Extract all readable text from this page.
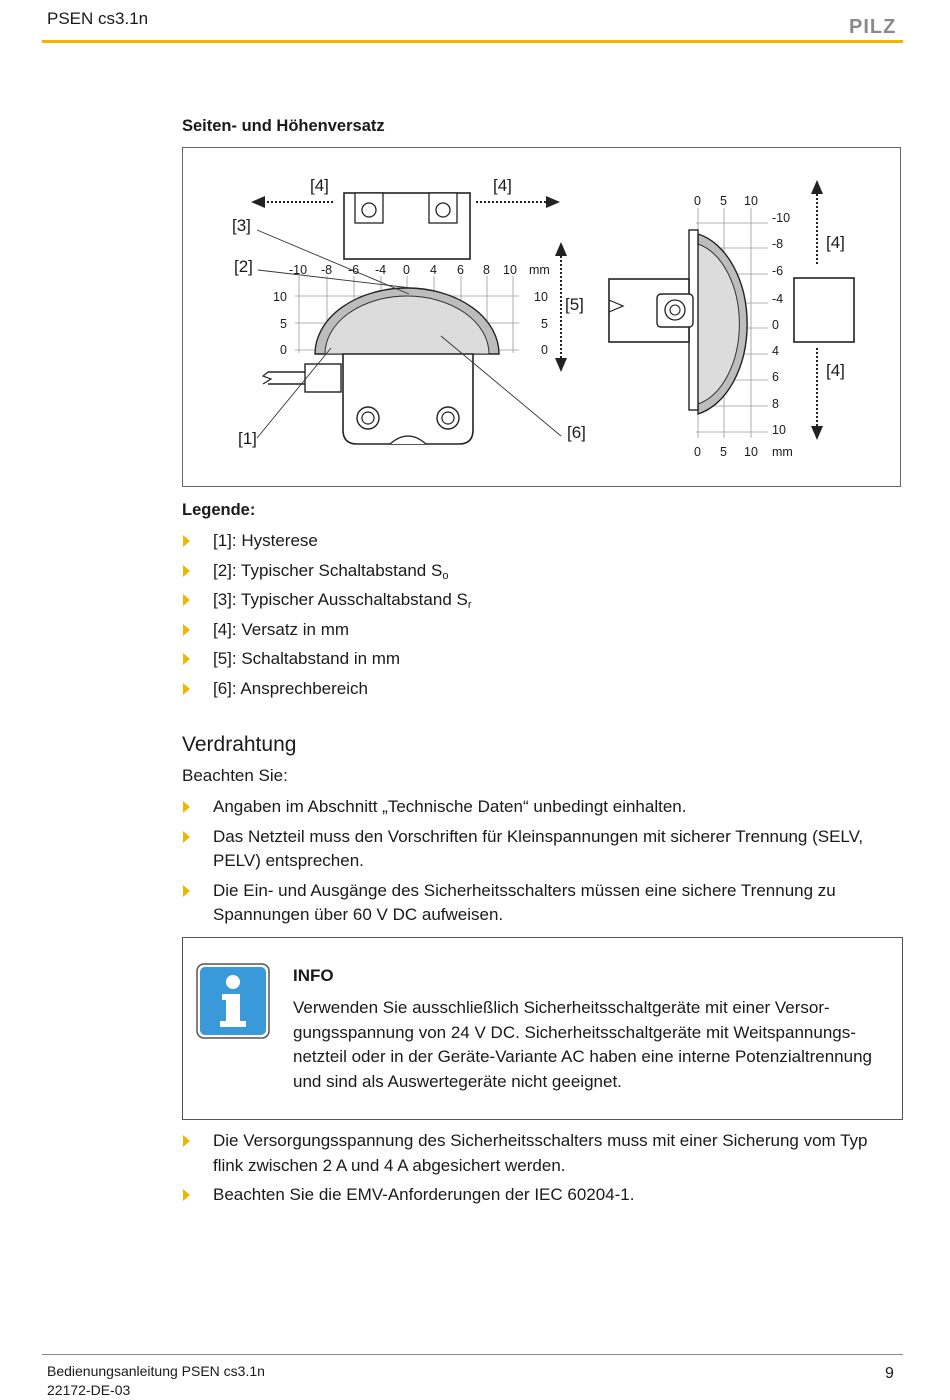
PSEN cs3.1n	PILZ
Seiten- und Höhenversatz
-10 -8 -6 -4 0 4 6 8 10 mm
10
5
0
10
5
0
[4]	[4]
[3]
[2]
[5]
[1]	[6]
0 5 10
0 5 10 mm
-10
-8
-6
-4
0
4
6
8
10
[4]
[4]
Legende:
[1]: Hysterese
[2]: Typischer Schaltabstand $S_o$
[3]: Typischer Ausschaltabstand $S_r$
[4]: Versatz in mm
[5]: Schaltabstand in mm
[6]: Ansprechbereich
Verdrahtung
Beachten Sie:
Angaben im Abschnitt „Technische Daten“ unbedingt einhalten.
Das Netzteil muss den Vorschriften für Kleinspannungen mit sicherer Trennung (SELV, PELV) entsprechen.
Die Ein- und Ausgänge des Sicherheitsschalters müssen eine sichere Trennung zu Spannungen über 60 V DC aufweisen.
INFO
Verwenden Sie ausschließlich Sicherheitsschaltgeräte mit einer Versorgungsspannung von 24 V DC. Sicherheitsschaltgeräte mit Weitspannungsnetzteil oder in der Geräte-Variante AC haben eine interne Potenzialtrennung und sind als Auswertegeräte nicht geeignet.
Die Versorgungsspannung des Sicherheitsschalters muss mit einer Sicherung vom Typ flink zwischen 2 A und 4 A abgesichert werden.
Beachten Sie die EMV-Anforderungen der IEC 60204-1.
Bedienungsanleitung PSEN cs3.1n
22172-DE-03
9
